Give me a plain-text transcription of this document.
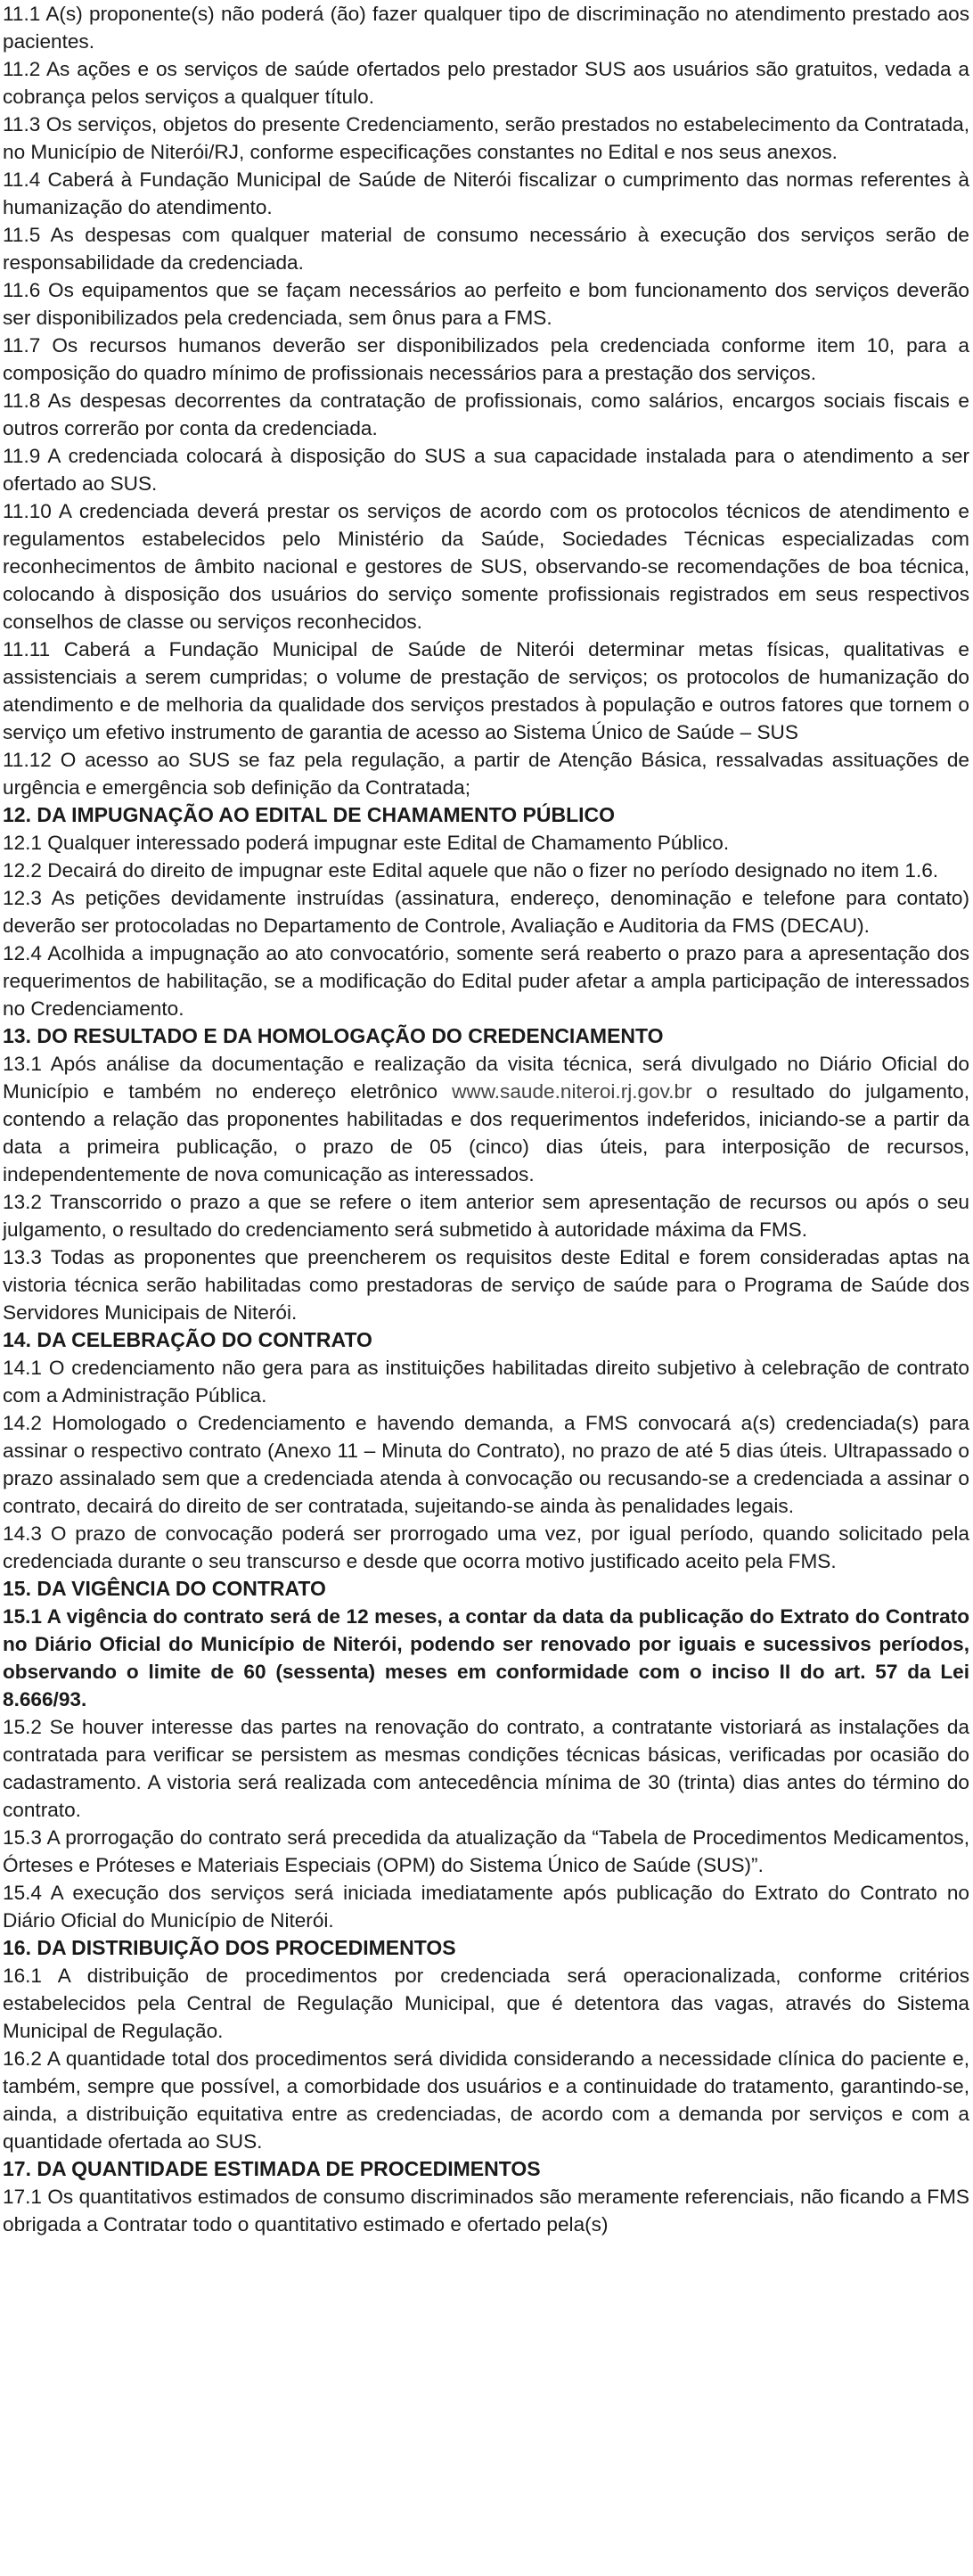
11.1 A(s) proponente(s) não poderá (ão) fazer qualquer tipo de discriminação no atendimento prestado aos pacientes.

11.2 As ações e os serviços de saúde ofertados pelo prestador SUS aos usuários são gratuitos, vedada a cobrança pelos serviços a qualquer título.

11.3 Os serviços, objetos do presente Credenciamento, serão prestados no estabelecimento da Contratada, no Município de Niterói/RJ, conforme especificações constantes no Edital e nos seus anexos.

11.4 Caberá à Fundação Municipal de Saúde de Niterói fiscalizar o cumprimento das normas referentes à humanização do atendimento.

11.5 As despesas com qualquer material de consumo necessário à execução dos serviços serão de responsabilidade da credenciada.

11.6 Os equipamentos que se façam necessários ao perfeito e bom funcionamento dos serviços deverão ser disponibilizados pela credenciada, sem ônus para a FMS.

11.7 Os recursos humanos deverão ser disponibilizados pela credenciada conforme item 10, para a composição do quadro mínimo de profissionais necessários para a prestação dos serviços.

11.8 As despesas decorrentes da contratação de profissionais, como salários, encargos sociais fiscais e outros correrão por conta da credenciada.

11.9 A credenciada colocará à disposição do SUS a sua capacidade instalada para o atendimento a ser ofertado ao SUS.

11.10 A credenciada deverá prestar os serviços de acordo com os protocolos técnicos de atendimento e regulamentos estabelecidos pelo Ministério da Saúde, Sociedades Técnicas especializadas com reconhecimentos de âmbito nacional e gestores de SUS, observando-se recomendações de boa técnica, colocando à disposição dos usuários do serviço somente profissionais registrados em seus respectivos conselhos de classe ou serviços reconhecidos.

11.11 Caberá a Fundação Municipal de Saúde de Niterói determinar metas físicas, qualitativas e assistenciais a serem cumpridas; o volume de prestação de serviços; os protocolos de humanização do atendimento e de melhoria da qualidade dos serviços prestados à população e outros fatores que tornem o serviço um efetivo instrumento de garantia de acesso ao Sistema Único de Saúde – SUS

11.12 O acesso ao SUS se faz pela regulação, a partir de Atenção Básica, ressalvadas assituações de urgência e emergência sob definição da Contratada;

12. DA IMPUGNAÇÃO AO EDITAL DE CHAMAMENTO PÚBLICO

12.1 Qualquer interessado poderá impugnar este Edital de Chamamento Público.

12.2 Decairá do direito de impugnar este Edital aquele que não o fizer no período designado no item 1.6.

12.3 As petições devidamente instruídas (assinatura, endereço, denominação e telefone para contato) deverão ser protocoladas no Departamento de Controle, Avaliação e Auditoria da FMS (DECAU).

12.4 Acolhida a impugnação ao ato convocatório, somente será reaberto o prazo para a apresentação dos requerimentos de habilitação, se a modificação do Edital puder afetar a ampla participação de interessados no Credenciamento.

13. DO RESULTADO E DA HOMOLOGAÇÃO DO CREDENCIAMENTO

13.1 Após análise da documentação e realização da visita técnica, será divulgado no Diário Oficial do Município e também no endereço eletrônico www.saude.niteroi.rj.gov.br o resultado do julgamento, contendo a relação das proponentes habilitadas e dos requerimentos indeferidos, iniciando-se a partir da data a primeira publicação, o prazo de 05 (cinco) dias úteis, para interposição de recursos, independentemente de nova comunicação as interessados.

13.2 Transcorrido o prazo a que se refere o item anterior sem apresentação de recursos ou após o seu julgamento, o resultado do credenciamento será submetido à autoridade máxima da FMS.

13.3 Todas as proponentes que preencherem os requisitos deste Edital e forem consideradas aptas na vistoria técnica serão habilitadas como prestadoras de serviço de saúde para o Programa de Saúde dos Servidores Municipais de Niterói.

14. DA CELEBRAÇÃO DO CONTRATO

14.1 O credenciamento não gera para as instituições habilitadas direito subjetivo à celebração de contrato com a Administração Pública.

14.2 Homologado o Credenciamento e havendo demanda, a FMS convocará a(s) credenciada(s) para assinar o respectivo contrato (Anexo 11 – Minuta do Contrato), no prazo de até 5 dias úteis. Ultrapassado o prazo assinalado sem que a credenciada atenda à convocação ou recusando-se a credenciada a assinar o contrato, decairá do direito de ser contratada, sujeitando-se ainda às penalidades legais.

14.3 O prazo de convocação poderá ser prorrogado uma vez, por igual período, quando solicitado pela credenciada durante o seu transcurso e desde que ocorra motivo justificado aceito pela FMS.

15. DA VIGÊNCIA DO CONTRATO

15.1 A vigência do contrato será de 12 meses, a contar da data da publicação do Extrato do Contrato no Diário Oficial do Município de Niterói, podendo ser renovado por iguais e sucessivos períodos, observando o limite de 60 (sessenta) meses em conformidade com o inciso II do art. 57 da Lei 8.666/93.

15.2 Se houver interesse das partes na renovação do contrato, a contratante vistoriará as instalações da contratada para verificar se persistem as mesmas condições técnicas básicas, verificadas por ocasião do cadastramento. A vistoria será realizada com antecedência mínima de 30 (trinta) dias antes do término do contrato.

15.3 A prorrogação do contrato será precedida da atualização da “Tabela de Procedimentos Medicamentos, Órteses e Próteses e Materiais Especiais (OPM) do Sistema Único de Saúde (SUS)”.

15.4 A execução dos serviços será iniciada imediatamente após publicação do Extrato do Contrato no Diário Oficial do Município de Niterói.

16. DA DISTRIBUIÇÃO DOS PROCEDIMENTOS

16.1 A distribuição de procedimentos por credenciada será operacionalizada, conforme critérios estabelecidos pela Central de Regulação Municipal, que é detentora das vagas, através do Sistema Municipal de Regulação.

16.2 A quantidade total dos procedimentos será dividida considerando a necessidade clínica do paciente e, também, sempre que possível, a comorbidade dos usuários e a continuidade do tratamento, garantindo-se, ainda, a distribuição equitativa entre as credenciadas, de acordo com a demanda por serviços e com a quantidade ofertada ao SUS.

17. DA QUANTIDADE ESTIMADA DE PROCEDIMENTOS

17.1 Os quantitativos estimados de consumo discriminados são meramente referenciais, não ficando a FMS obrigada a Contratar todo o quantitativo estimado e ofertado pela(s)
